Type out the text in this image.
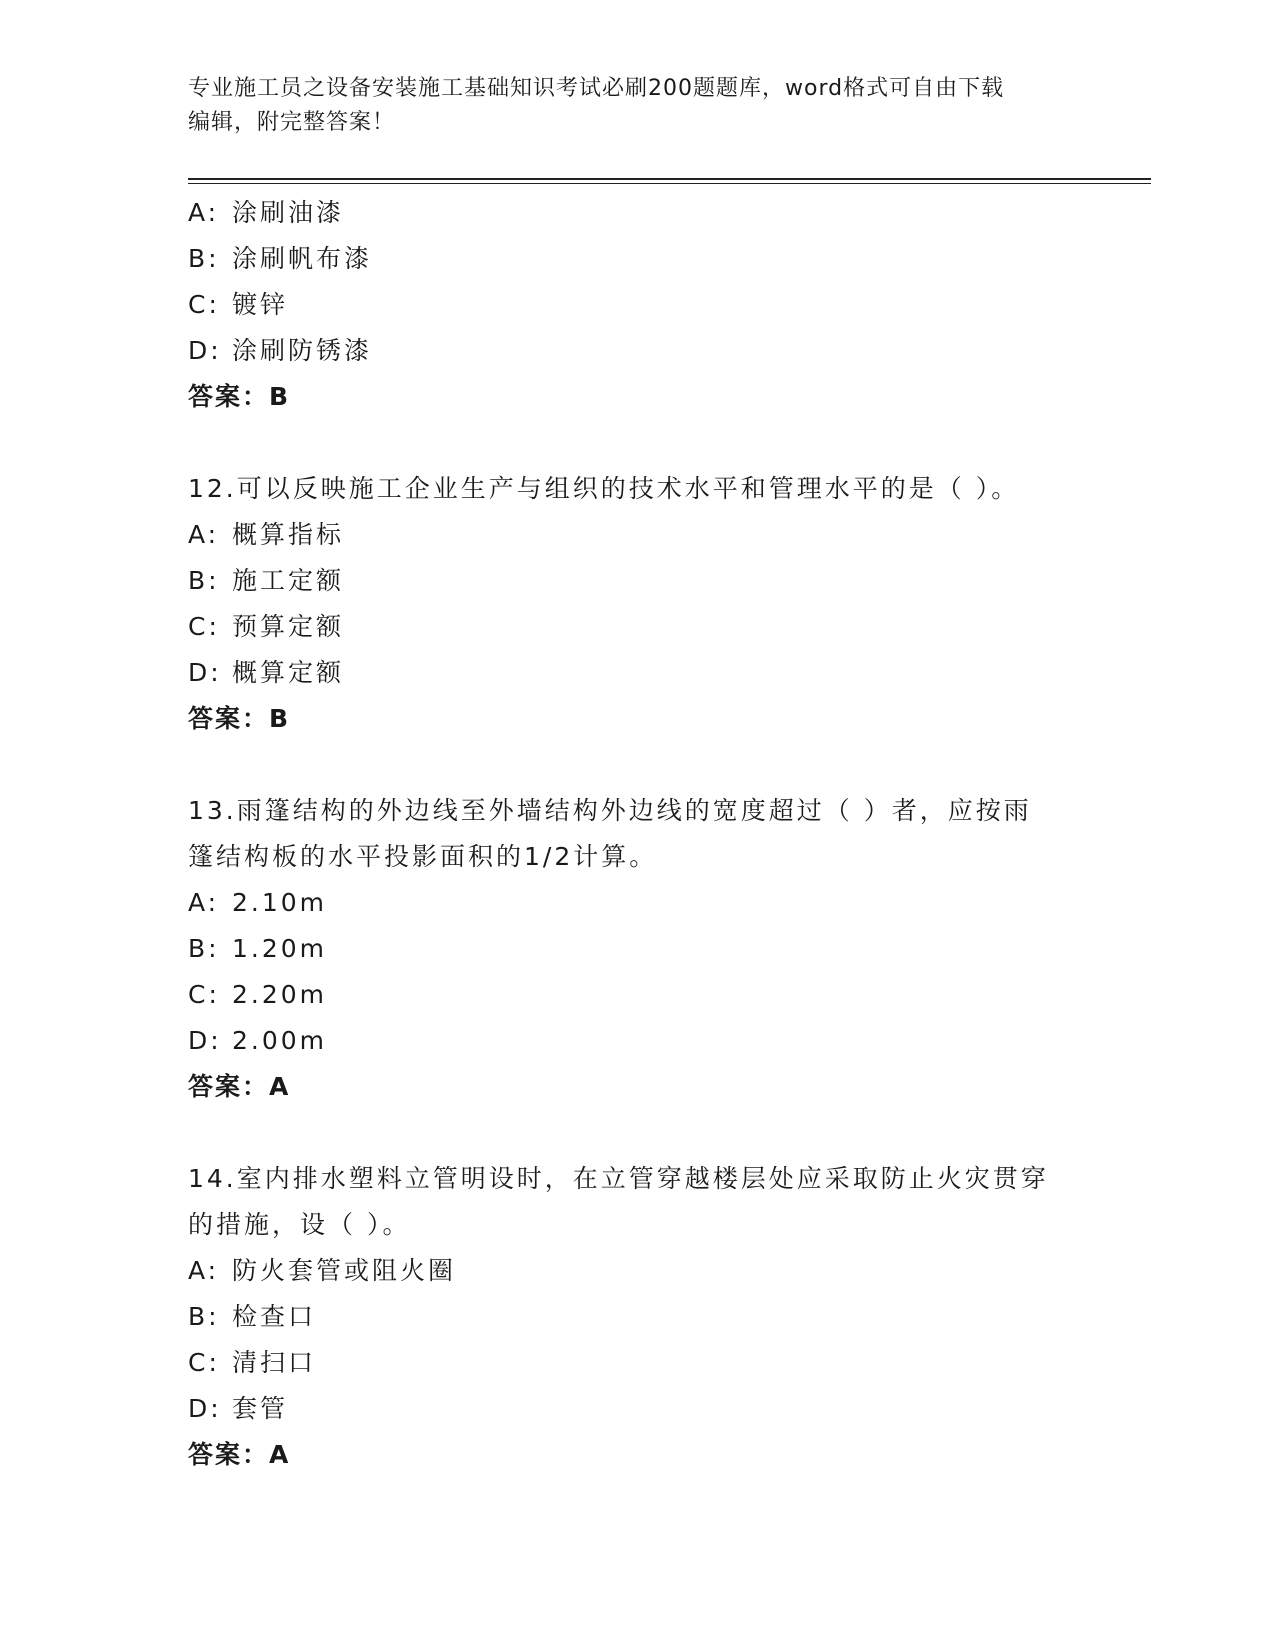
专业施工员之设备安装施工基础知识考试必刷200题题库，word格式可自由下载
编辑，附完整答案！
A: 涂刷油漆
B: 涂刷帆布漆
C: 镀锌
D: 涂刷防锈漆
答案：B
12.可以反映施工企业生产与组织的技术水平和管理水平的是（ ）。
A: 概算指标
B: 施工定额
C: 预算定额
D: 概算定额
答案：B
13.雨篷结构的外边线至外墙结构外边线的宽度超过（ ）者，应按雨
篷结构板的水平投影面积的1/2计算。
A: 2.10m
B: 1.20m
C: 2.20m
D: 2.00m
答案：A
14.室内排水塑料立管明设时，在立管穿越楼层处应采取防止火灾贯穿
的措施，设（ ）。
A: 防火套管或阻火圈
B: 检查口
C: 清扫口
D: 套管
答案：A
